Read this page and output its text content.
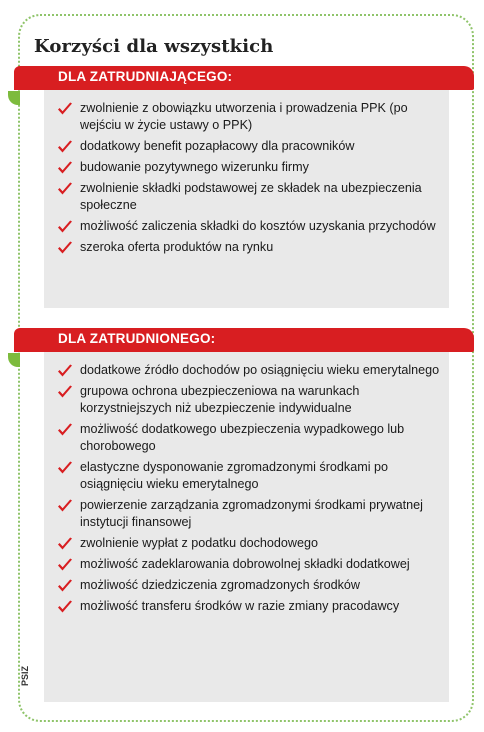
Korzyści dla wszystkich
DLA ZATRUDNIAJĄCEGO:
zwolnienie z obowiązku utworzenia i prowadzenia PPK (po wejściu w życie ustawy o PPK)
dodatkowy benefit pozapłacowy dla pracowników
budowanie pozytywnego wizerunku firmy
zwolnienie składki podstawowej ze składek na ubezpieczenia społeczne
możliwość zaliczenia składki do kosztów uzyskania przychodów
szeroka oferta produktów na rynku
DLA ZATRUDNIONEGO:
dodatkowe źródło dochodów po osiągnięciu wieku emerytalnego
grupowa ochrona ubezpieczeniowa na warunkach korzystniejszych niż ubezpieczenie indywidualne
możliwość dodatkowego ubezpieczenia wypadkowego lub chorobowego
elastyczne dysponowanie zgromadzonymi środkami po osiągnięciu wieku emerytalnego
powierzenie zarządzania zgromadzonymi środkami prywatnej instytucji finansowej
zwolnienie wypłat z podatku dochodowego
możliwość zadeklarowania dobrowolnej składki dodatkowej
możliwość dziedziczenia zgromadzonych środków
możliwość transferu środków w razie zmiany pracodawcy
PSIZ
